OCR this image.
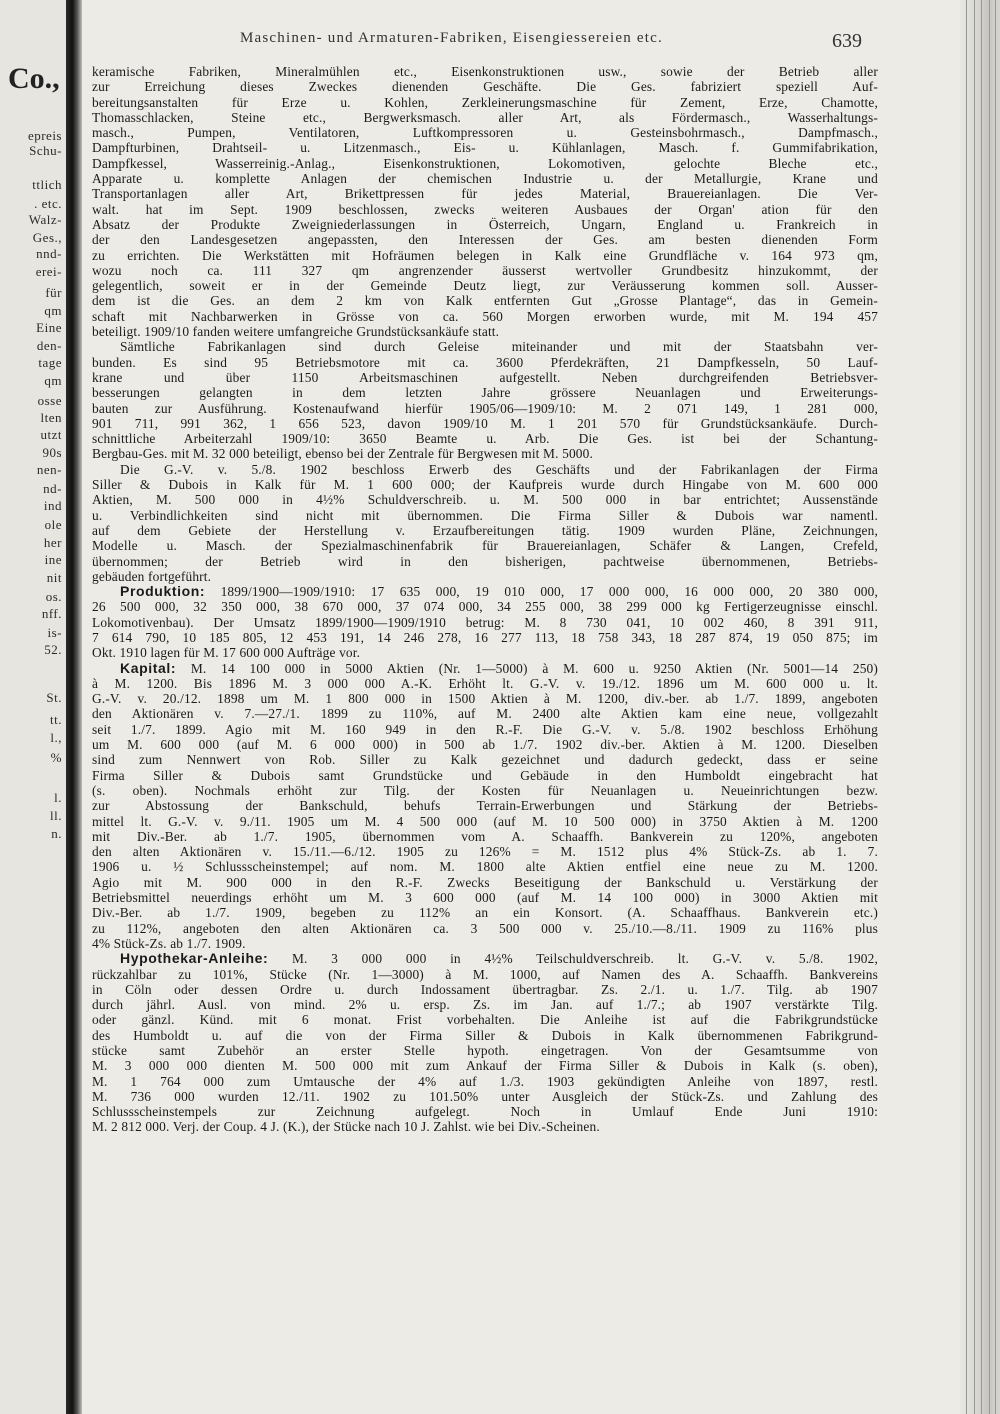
Co.,
epreis
Schu-
ttlich
. etc.
Walz-
Ges.,
nnd-
erei-
für
qm
Eine
den-
tage
qm
osse
lten
utzt
90s
nen-
nd-
ind
ole
her
ine
nit
os.
nff.
is-
52.
St.
tt.
l.,
%
l.
ll.
n.
Maschinen- und Armaturen-Fabriken, Eisengiessereien etc.	639
keramische Fabriken, Mineralmühlen etc., Eisenkonstruktionen usw., sowie der Betrieb aller
zur Erreichung dieses Zweckes dienenden Geschäfte. Die Ges. fabriziert speziell Auf-
bereitungsanstalten für Erze u. Kohlen, Zerkleinerungsmaschine für Zement, Erze, Chamotte,
Thomasschlacken, Steine etc., Bergwerksmasch. aller Art, als Fördermasch., Wasserhaltungs-
masch., Pumpen, Ventilatoren, Luftkompressoren u. Gesteinsbohrmasch., Dampfmasch.,
Dampfturbinen, Drahtseil- u. Litzenmasch., Eis- u. Kühlanlagen, Masch. f. Gummifabrikation,
Dampfkessel, Wasserreinig.-Anlag., Eisenkonstruktionen, Lokomotiven, gelochte Bleche etc.,
Apparate u. komplette Anlagen der chemischen Industrie u. der Metallurgie, Krane und
Transportanlagen aller Art, Brikettpressen für jedes Material, Brauereianlagen. Die Ver-
walt. hat im Sept. 1909 beschlossen, zwecks weiteren Ausbaues der Organ' ation für den
Absatz der Produkte Zweigniederlassungen in Österreich, Ungarn, England u. Frankreich in
der den Landesgesetzen angepassten, den Interessen der Ges. am besten dienenden Form
zu errichten. Die Werkstätten mit Hofräumen belegen in Kalk eine Grundfläche v. 164 973 qm,
wozu noch ca. 111 327 qm angrenzender äusserst wertvoller Grundbesitz hinzukommt, der
gelegentlich, soweit er in der Gemeinde Deutz liegt, zur Veräusserung kommen soll. Ausser-
dem ist die Ges. an dem 2 km von Kalk entfernten Gut „Grosse Plantage“, das in Gemein-
schaft mit Nachbarwerken in Grösse von ca. 560 Morgen erworben wurde, mit M. 194 457
beteiligt. 1909/10 fanden weitere umfangreiche Grundstücksankäufe statt.
Sämtliche Fabrikanlagen sind durch Geleise miteinander und mit der Staatsbahn ver-
bunden. Es sind 95 Betriebsmotore mit ca. 3600 Pferdekräften, 21 Dampfkesseln, 50 Lauf-
krane und über 1150 Arbeitsmaschinen aufgestellt. Neben durchgreifenden Betriebsver-
besserungen gelangten in dem letzten Jahre grössere Neuanlagen und Erweiterungs-
bauten zur Ausführung. Kostenaufwand hierfür 1905/06—1909/10: M. 2 071 149, 1 281 000,
901 711, 991 362, 1 656 523, davon 1909/10 M. 1 201 570 für Grundstücksankäufe. Durch-
schnittliche Arbeiterzahl 1909/10: 3650 Beamte u. Arb. Die Ges. ist bei der Schantung-
Bergbau-Ges. mit M. 32 000 beteiligt, ebenso bei der Zentrale für Bergwesen mit M. 5000.
Die G.-V. v. 5./8. 1902 beschloss Erwerb des Geschäfts und der Fabrikanlagen der Firma
Siller & Dubois in Kalk für M. 1 600 000; der Kaufpreis wurde durch Hingabe von M. 600 000
Aktien, M. 500 000 in 4½% Schuldverschreib. u. M. 500 000 in bar entrichtet; Aussenstände
u. Verbindlichkeiten sind nicht mit übernommen. Die Firma Siller & Dubois war namentl.
auf dem Gebiete der Herstellung v. Erzaufbereitungen tätig. 1909 wurden Pläne, Zeichnungen,
Modelle u. Masch. der Spezialmaschinenfabrik für Brauereianlagen, Schäfer & Langen, Crefeld,
übernommen; der Betrieb wird in den bisherigen, pachtweise übernommenen, Betriebs-
gebäuden fortgeführt.
Produktion: 1899/1900—1909/1910: 17 635 000, 19 010 000, 17 000 000, 16 000 000, 20 380 000,
26 500 000, 32 350 000, 38 670 000, 37 074 000, 34 255 000, 38 299 000 kg Fertigerzeugnisse einschl.
Lokomotivenbau). Der Umsatz 1899/1900—1909/1910 betrug: M. 8 730 041, 10 002 460, 8 391 911,
7 614 790, 10 185 805, 12 453 191, 14 246 278, 16 277 113, 18 758 343, 18 287 874, 19 050 875; im
Okt. 1910 lagen für M. 17 600 000 Aufträge vor.
Kapital: M. 14 100 000 in 5000 Aktien (Nr. 1—5000) à M. 600 u. 9250 Aktien (Nr. 5001—14 250)
à M. 1200. Bis 1896 M. 3 000 000 A.-K. Erhöht lt. G.-V. v. 19./12. 1896 um M. 600 000 u. lt.
G.-V. v. 20./12. 1898 um M. 1 800 000 in 1500 Aktien à M. 1200, div.-ber. ab 1./7. 1899, angeboten
den Aktionären v. 7.—27./1. 1899 zu 110%, auf M. 2400 alte Aktien kam eine neue, vollgezahlt
seit 1./7. 1899. Agio mit M. 160 949 in den R.-F. Die G.-V. v. 5./8. 1902 beschloss Erhöhung
um M. 600 000 (auf M. 6 000 000) in 500 ab 1./7. 1902 div.-ber. Aktien à M. 1200. Dieselben
sind zum Nennwert von Rob. Siller zu Kalk gezeichnet und dadurch gedeckt, dass er seine
Firma Siller & Dubois samt Grundstücke und Gebäude in den Humboldt eingebracht hat
(s. oben). Nochmals erhöht zur Tilg. der Kosten für Neuanlagen u. Neueinrichtungen bezw.
zur Abstossung der Bankschuld, behufs Terrain-Erwerbungen und Stärkung der Betriebs-
mittel lt. G.-V. v. 9./11. 1905 um M. 4 500 000 (auf M. 10 500 000) in 3750 Aktien à M. 1200
mit Div.-Ber. ab 1./7. 1905, übernommen vom A. Schaaffh. Bankverein zu 120%, angeboten
den alten Aktionären v. 15./11.—6./12. 1905 zu 126% = M. 1512 plus 4% Stück-Zs. ab 1. 7.
1906 u. ½ Schlussscheinstempel; auf nom. M. 1800 alte Aktien entfiel eine neue zu M. 1200.
Agio mit M. 900 000 in den R.-F. Zwecks Beseitigung der Bankschuld u. Verstärkung der
Betriebsmittel neuerdings erhöht um M. 3 600 000 (auf M. 14 100 000) in 3000 Aktien mit
Div.-Ber. ab 1./7. 1909, begeben zu 112% an ein Konsort. (A. Schaaffhaus. Bankverein etc.)
zu 112%, angeboten den alten Aktionären ca. 3 500 000 v. 25./10.—8./11. 1909 zu 116% plus
4% Stück-Zs. ab 1./7. 1909.
Hypothekar-Anleihe: M. 3 000 000 in 4½% Teilschuldverschreib. lt. G.-V. v. 5./8. 1902,
rückzahlbar zu 101%, Stücke (Nr. 1—3000) à M. 1000, auf Namen des A. Schaaffh. Bankvereins
in Cöln oder dessen Ordre u. durch Indossament übertragbar. Zs. 2./1. u. 1./7. Tilg. ab 1907
durch jährl. Ausl. von mind. 2% u. ersp. Zs. im Jan. auf 1./7.; ab 1907 verstärkte Tilg.
oder gänzl. Künd. mit 6 monat. Frist vorbehalten. Die Anleihe ist auf die Fabrikgrundstücke
des Humboldt u. auf die von der Firma Siller & Dubois in Kalk übernommenen Fabrikgrund-
stücke samt Zubehör an erster Stelle hypoth. eingetragen. Von der Gesamtsumme von
M. 3 000 000 dienten M. 500 000 mit zum Ankauf der Firma Siller & Dubois in Kalk (s. oben),
M. 1 764 000 zum Umtausche der 4% auf 1./3. 1903 gekündigten Anleihe von 1897, restl.
M. 736 000 wurden 12./11. 1902 zu 101.50% unter Ausgleich der Stück-Zs. und Zahlung des
Schlussscheinstempels zur Zeichnung aufgelegt. Noch in Umlauf Ende Juni 1910:
M. 2 812 000. Verj. der Coup. 4 J. (K.), der Stücke nach 10 J. Zahlst. wie bei Div.-Scheinen.
